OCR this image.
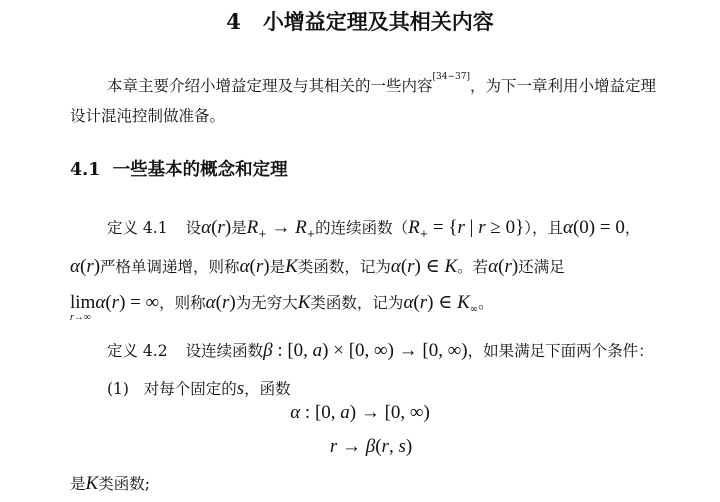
4 小增益定理及其相关内容
本章主要介绍小增益定理及与其相关的一些内容[34−37]，为下一章利用小增益定理
设计混沌控制做准备。
4.1 一些基本的概念和定理
定义 4.1 设α(r)是$R_+ \to R_+$的连续函数（$R_+ = \{r$ | r ≥ 0}），且α(0) = 0，
α(r)严格单调递增，则称α(r)是K类函数，记为α(r) ∈ K。若α(r)还满足
lim
r→∞
α(r) = ∞，则称α(r)为无穷大K类函数，记为α(r) ∈ $K_\infty$。
定义 4.2 设连续函数β : [0, a) × [0, ∞) → [0, ∞)，如果满足下面两个条件：
(1)   对每个固定的s，函数
α : [0, a) → [0, ∞)
r → β(r, s)
是K类函数;
